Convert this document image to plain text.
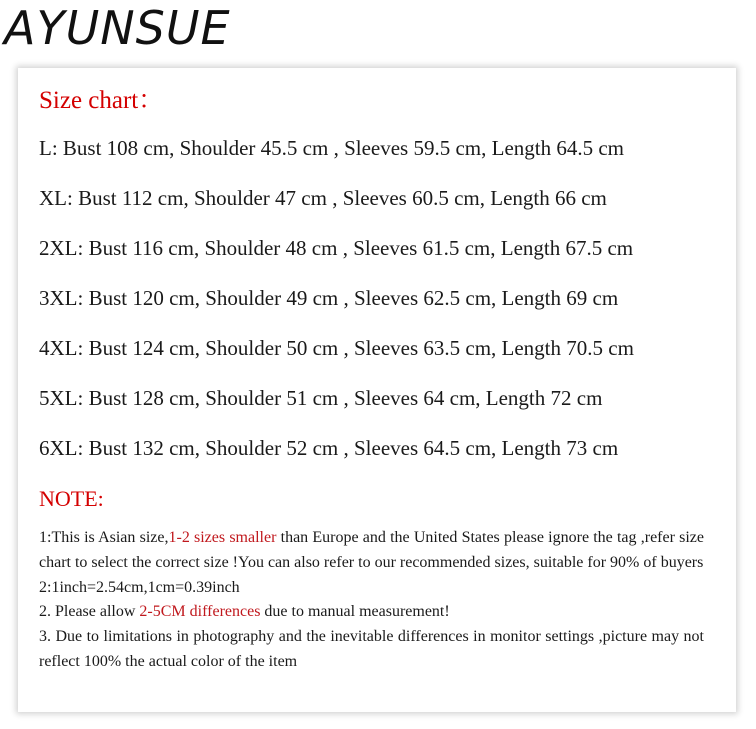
AYUNSUE
Size chart：
L: Bust 108 cm, Shoulder 45.5 cm , Sleeves 59.5 cm, Length 64.5 cm
XL: Bust 112 cm, Shoulder 47 cm , Sleeves 60.5 cm, Length 66 cm
2XL: Bust 116 cm, Shoulder 48 cm , Sleeves 61.5 cm, Length 67.5 cm
3XL: Bust 120 cm, Shoulder 49 cm , Sleeves 62.5 cm, Length 69 cm
4XL: Bust 124 cm, Shoulder 50 cm , Sleeves 63.5 cm, Length 70.5 cm
5XL: Bust 128 cm, Shoulder 51 cm , Sleeves 64 cm, Length 72 cm
6XL: Bust 132 cm, Shoulder 52 cm , Sleeves 64.5 cm, Length 73 cm
NOTE:

1:This is Asian size,1-2 sizes smaller than Europe and the United States please ignore the tag ,refer size chart to select the correct size !You can also refer to our recommended sizes, suitable for 90% of buyers

2:1inch=2.54cm,1cm=0.39inch

2. Please allow 2-5CM differences due to manual measurement!

3. Due to limitations in photography and the inevitable differences in monitor settings ,picture may not reflect 100% the actual color of the item
